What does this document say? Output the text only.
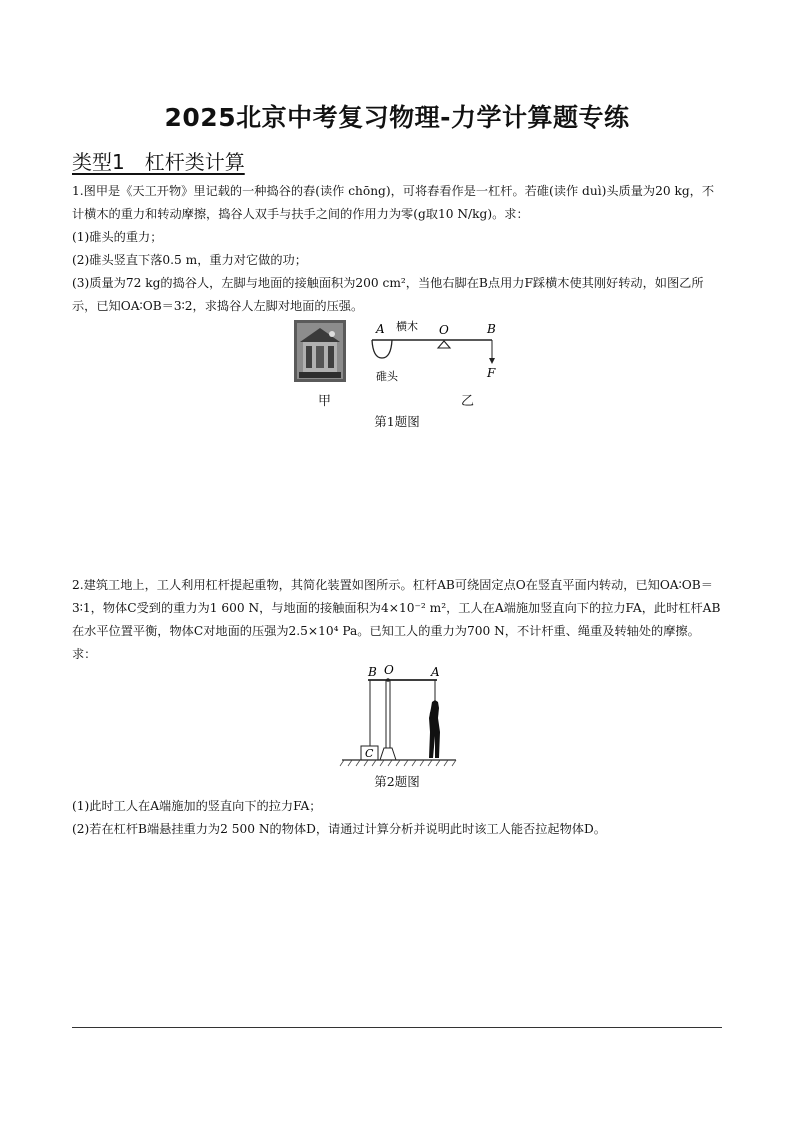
2025北京中考复习物理-力学计算题专练
类型1　杠杆类计算
1.图甲是《天工开物》里记载的一种捣谷的舂(读作 chōng)，可将舂看作是一杠杆。若碓(读作 duì)头质量为20 kg，不计横木的重力和转动摩擦，捣谷人双手与扶手之间的作用力为零(g取10 N/kg)。求：
(1)碓头的重力；
(2)碓头竖直下落0.5 m，重力对它做的功；
(3)质量为72 kg的捣谷人，左脚与地面的接触面积为200 cm²，当他右脚在B点用力F踩横木使其刚好转动，如图乙所示，已知OA∶OB＝3∶2，求捣谷人左脚对地面的压强。
A 横木 O	B
F
碓头
甲	乙
第1题图
2.建筑工地上，工人利用杠杆提起重物，其简化装置如图所示。杠杆AB可绕固定点O在竖直平面内转动，已知OA∶OB＝3∶1，物体C受到的重力为1 600 N，与地面的接触面积为4×10⁻² m²，工人在A端施加竖直向下的拉力FA，此时杠杆AB在水平位置平衡，物体C对地面的压强为2.5×10⁴ Pa。已知工人的重力为700 N，不计杆重、绳重及转轴处的摩擦。求：
B O	A
C
第2题图
(1)此时工人在A端施加的竖直向下的拉力FA；
(2)若在杠杆B端悬挂重力为2 500 N的物体D，请通过计算分析并说明此时该工人能否拉起物体D。
